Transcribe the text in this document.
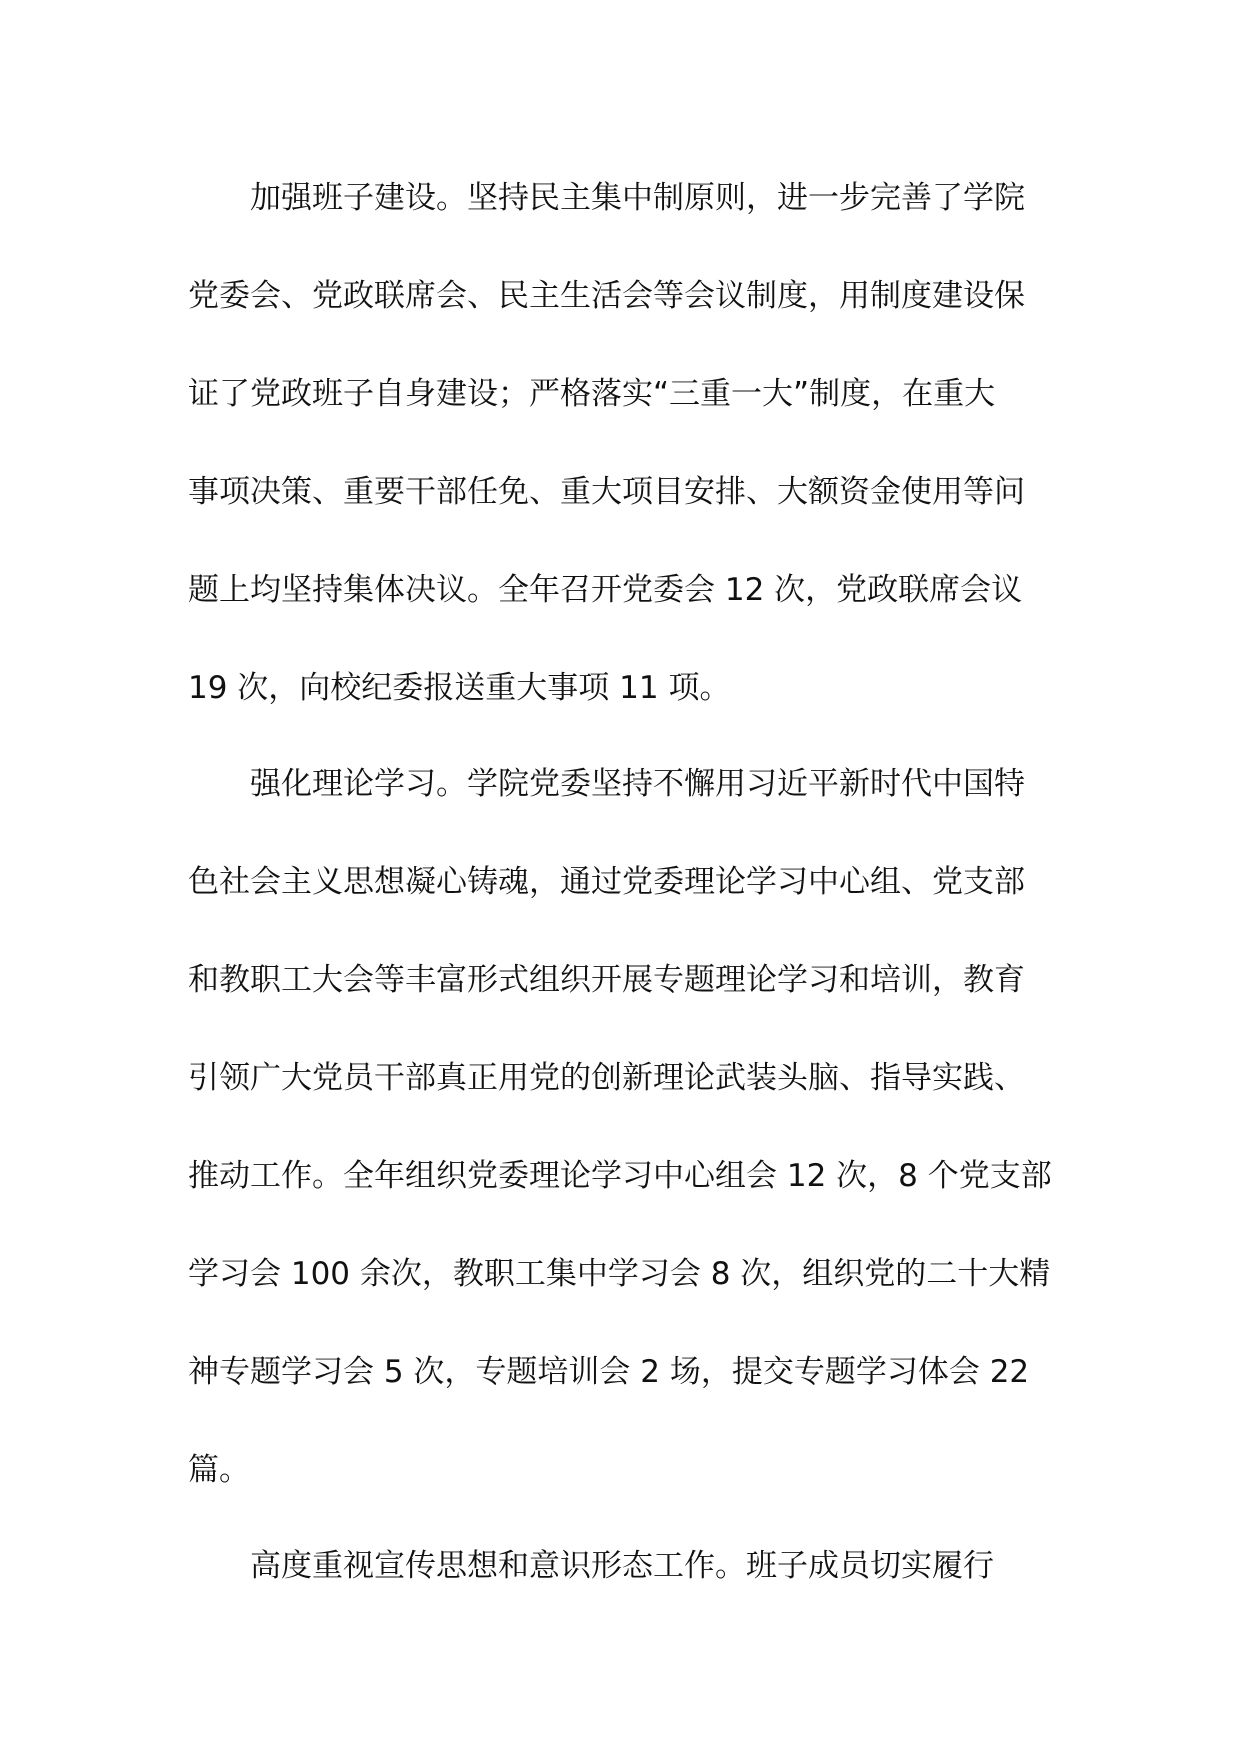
加强班子建设。坚持民主集中制原则，进一步完善了学院
党委会、党政联席会、民主生活会等会议制度，用制度建设保
证了党政班子自身建设；严格落实“三重一大”制度，在重大
事项决策、重要干部任免、重大项目安排、大额资金使用等问
题上均坚持集体决议。全年召开党委会 12 次，党政联席会议
19 次，向校纪委报送重大事项 11 项。
强化理论学习。学院党委坚持不懈用习近平新时代中国特
色社会主义思想凝心铸魂，通过党委理论学习中心组、党支部
和教职工大会等丰富形式组织开展专题理论学习和培训，教育
引领广大党员干部真正用党的创新理论武装头脑、指导实践、
推动工作。全年组织党委理论学习中心组会 12 次，8 个党支部
学习会 100 余次，教职工集中学习会 8 次，组织党的二十大精
神专题学习会 5 次，专题培训会 2 场，提交专题学习体会 22
篇。
高度重视宣传思想和意识形态工作。班子成员切实履行
